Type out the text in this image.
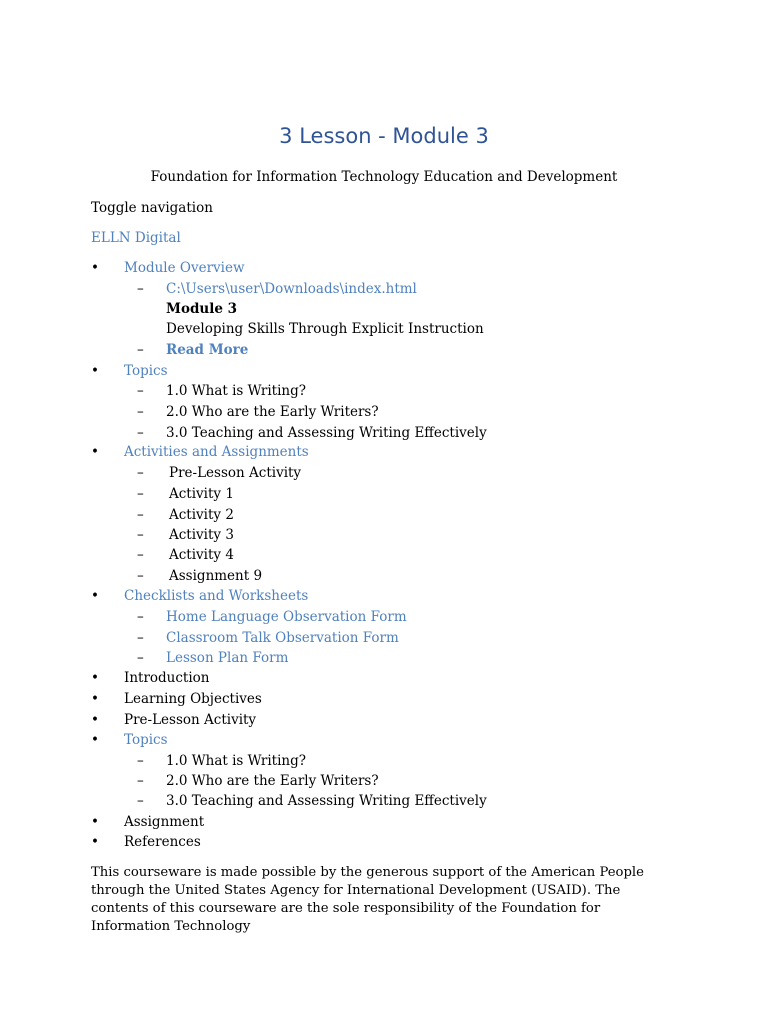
3 Lesson - Module 3

Foundation for Information Technology Education and Development

Toggle navigation
ELLN Digital
• Module Overview
– C:\Users\user\Downloads\index.html
Module 3
Developing Skills Through Explicit Instruction
– Read More
• Topics
– 1.0 What is Writing?
– 2.0 Who are the Early Writers?
– 3.0 Teaching and Assessing Writing Effectively
• Activities and Assignments
– Pre-Lesson Activity
– Activity 1
– Activity 2
– Activity 3
– Activity 4
– Assignment 9
• Checklists and Worksheets
– Home Language Observation Form
– Classroom Talk Observation Form
– Lesson Plan Form
• Introduction
• Learning Objectives
• Pre-Lesson Activity
• Topics
– 1.0 What is Writing?
– 2.0 Who are the Early Writers?
– 3.0 Teaching and Assessing Writing Effectively
• Assignment
• References

This courseware is made possible by the generous support of the American People through the United States Agency for International Development (USAID). The contents of this courseware are the sole responsibility of the Foundation for Information Technology
